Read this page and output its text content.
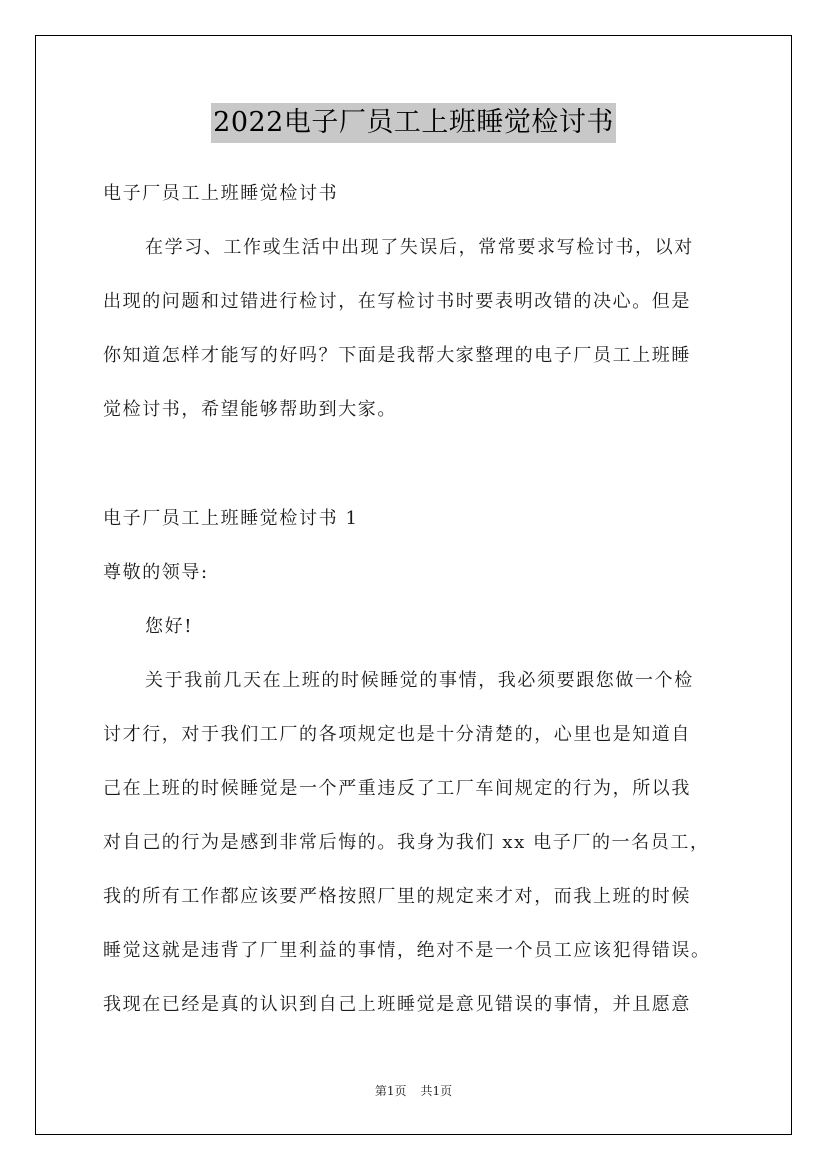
2022电子厂员工上班睡觉检讨书
电子厂员工上班睡觉检讨书
在学习、工作或生活中出现了失误后，常常要求写检讨书，以对
出现的问题和过错进行检讨，在写检讨书时要表明改错的决心。但是
你知道怎样才能写的好吗？下面是我帮大家整理的电子厂员工上班睡
觉检讨书，希望能够帮助到大家。
电子厂员工上班睡觉检讨书 1
尊敬的领导:
您好!
关于我前几天在上班的时候睡觉的事情，我必须要跟您做一个检
讨才行，对于我们工厂的各项规定也是十分清楚的，心里也是知道自
己在上班的时候睡觉是一个严重违反了工厂车间规定的行为，所以我
对自己的行为是感到非常后悔的。我身为我们 xx 电子厂的一名员工，
我的所有工作都应该要严格按照厂里的规定来才对，而我上班的时候
睡觉这就是违背了厂里利益的事情，绝对不是一个员工应该犯得错误。
我现在已经是真的认识到自己上班睡觉是意见错误的事情，并且愿意
第1页 共1页
